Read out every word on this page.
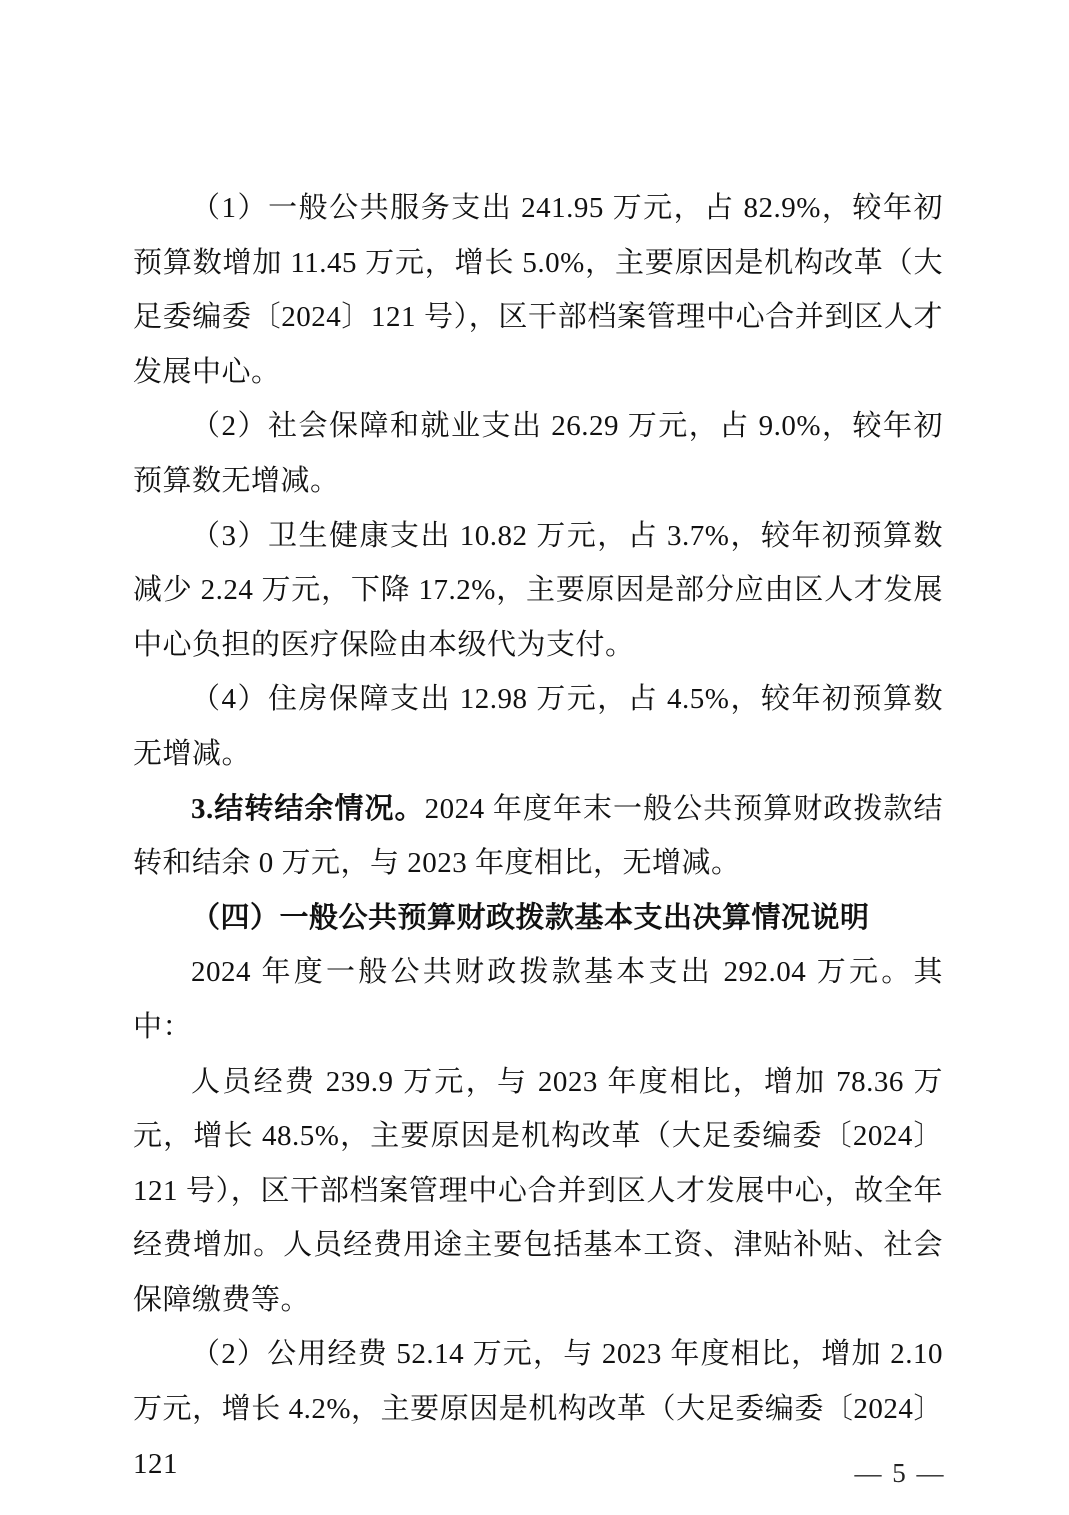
（1）一般公共服务支出 241.95 万元，占 82.9%，较年初预算数增加 11.45 万元，增长 5.0%，主要原因是机构改革（大足委编委〔2024〕121 号），区干部档案管理中心合并到区人才发展中心。

（2）社会保障和就业支出 26.29 万元，占 9.0%，较年初预算数无增减。

（3）卫生健康支出 10.82 万元，占 3.7%，较年初预算数减少 2.24 万元，下降 17.2%，主要原因是部分应由区人才发展中心负担的医疗保险由本级代为支付。

（4）住房保障支出 12.98 万元，占 4.5%，较年初预算数无增减。

3.结转结余情况。2024 年度年末一般公共预算财政拨款结转和结余 0 万元，与 2023 年度相比，无增减。

（四）一般公共预算财政拨款基本支出决算情况说明

2024 年度一般公共财政拨款基本支出 292.04 万元。其中：

人员经费 239.9 万元，与 2023 年度相比，增加 78.36 万元，增长 48.5%，主要原因是机构改革（大足委编委〔2024〕121 号），区干部档案管理中心合并到区人才发展中心，故全年经费增加。人员经费用途主要包括基本工资、津贴补贴、社会保障缴费等。

（2）公用经费 52.14 万元，与 2023 年度相比，增加 2.10 万元，增长 4.2%，主要原因是机构改革（大足委编委〔2024〕121	— 5 —
